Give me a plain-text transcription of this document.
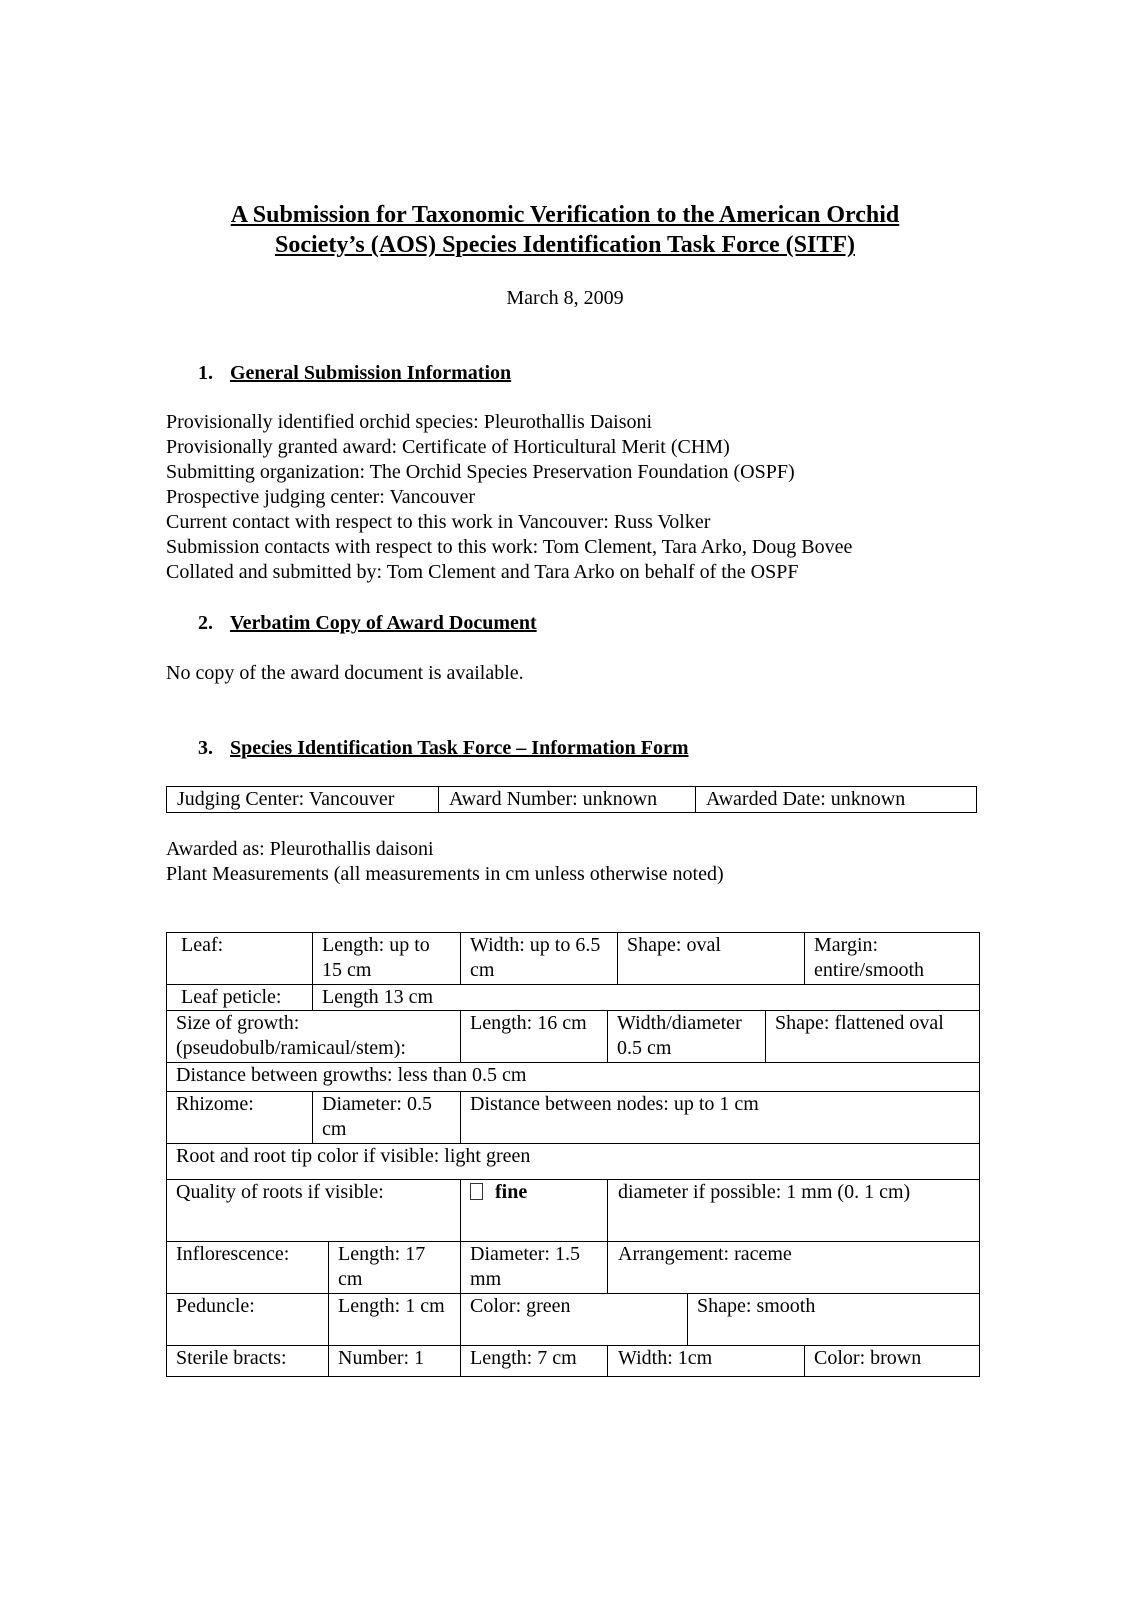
A Submission for Taxonomic Verification to the American Orchid
Society’s (AOS) Species Identification Task Force (SITF)
March 8, 2009
1. General Submission Information
Provisionally identified orchid species: Pleurothallis Daisoni
Provisionally granted award: Certificate of Horticultural Merit (CHM)
Submitting organization: The Orchid Species Preservation Foundation (OSPF)
Prospective judging center: Vancouver
Current contact with respect to this work in Vancouver: Russ Volker
Submission contacts with respect to this work: Tom Clement, Tara Arko, Doug Bovee
Collated and submitted by: Tom Clement and Tara Arko on behalf of the OSPF
2. Verbatim Copy of Award Document
No copy of the award document is available.
3. Species Identification Task Force – Information Form
Judging Center: Vancouver	Award Number: unknown	Awarded Date: unknown
Awarded as: Pleurothallis daisoni
Plant Measurements (all measurements in cm unless otherwise noted)
Leaf:	Length: up to 15 cm		Width: up to 6.5 cm		Shape: oval			Margin: entire/smooth
Leaf peticle:	Length 13 cm							
Size of growth: (pseudobulb/ramicaul/stem):			Length: 16 cm	Width/diameter 0.5 cm			Shape: flattened oval	
Distance between growths: less than 0.5 cm								
Rhizome:	Diameter: 0.5 cm		Distance between nodes: up to 1 cm					
Root and root tip color if visible: light green								
Quality of roots if visible:			fine	diameter if possible: 1 mm (0. 1 cm)				
Inflorescence:		Length: 17 cm	Diameter: 1.5 mm	Arrangement: raceme				
Peduncle:		Length: 1 cm	Color: green			Shape: smooth		
Sterile bracts:		Number: 1	Length: 7 cm	Width: 1cm				Color: brown
